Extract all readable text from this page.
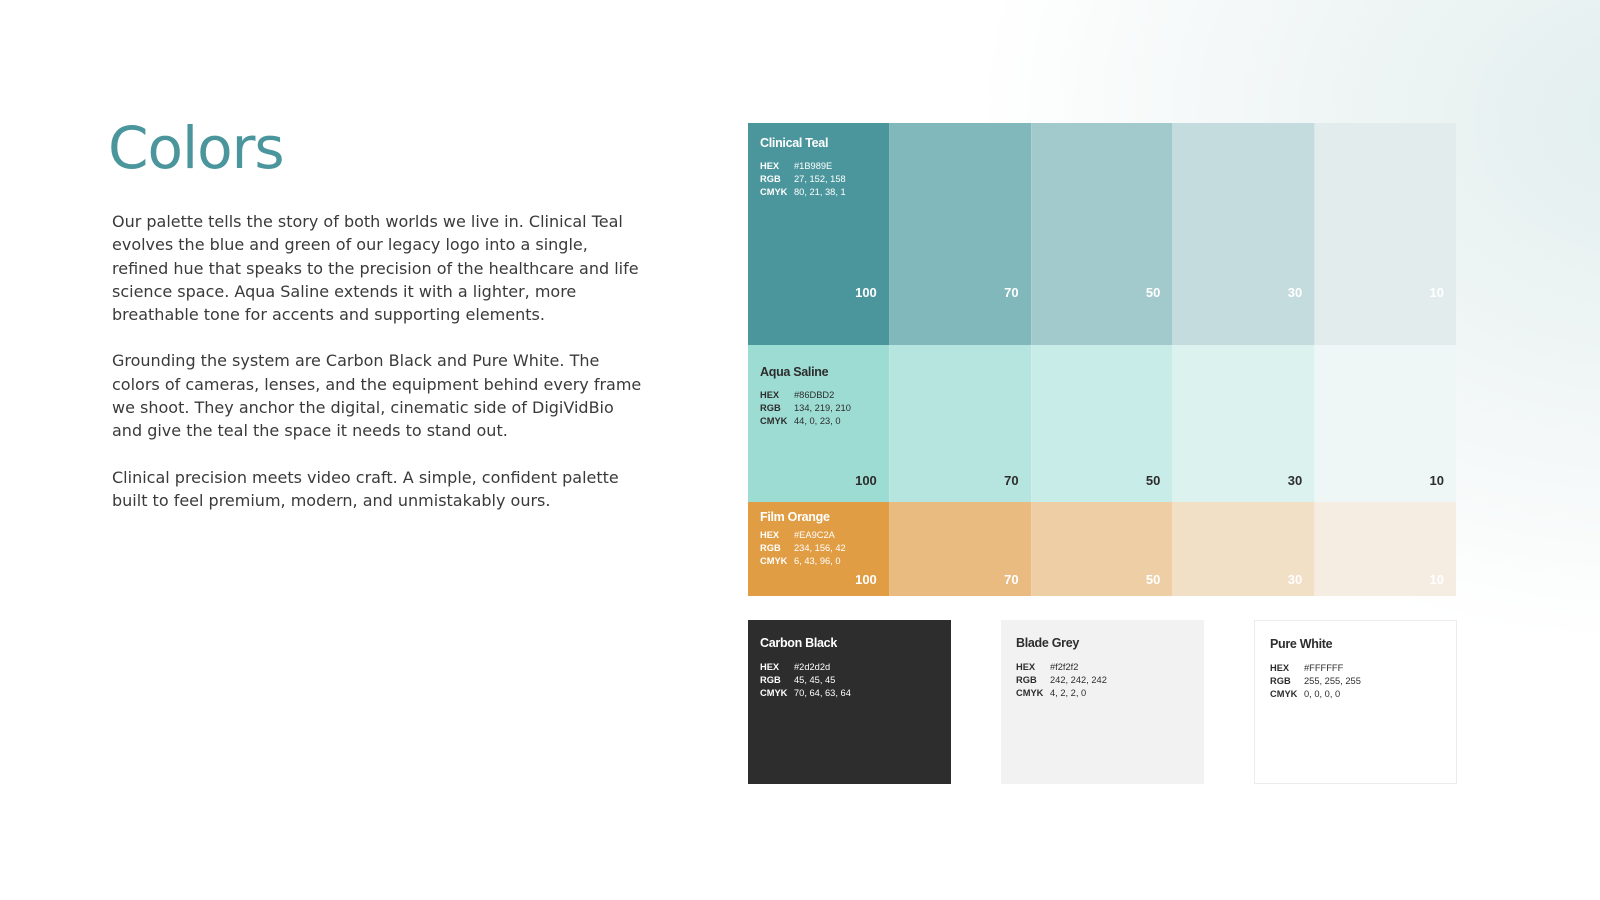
Colors

Our palette tells the story of both worlds we live in. Clinical Teal evolves the blue and green of our legacy logo into a single, refined hue that speaks to the precision of the healthcare and life science space. Aqua Saline extends it with a lighter, more breathable tone for accents and supporting elements.

Grounding the system are Carbon Black and Pure White. The colors of cameras, lenses, and the equipment behind every frame we shoot. They anchor the digital, cinematic side of DigiVidBio and give the teal the space it needs to stand out.

Clinical precision meets video craft. A simple, confident palette built to feel premium, modern, and unmistakably ours.

Clinical Teal
HEX	#1B989E
RGB	27, 152, 158
CMYK 80, 21, 38, 1
100	70	50	30	10
Aqua Saline
HEX	#86DBD2
RGB	134, 219, 210
CMYK 44, 0, 23, 0
100	70	50	30	10
Film Orange
HEX	#EA9C2A
RGB	234, 156, 42
CMYK 6, 43, 96, 0
100	70	50	30	10
Carbon Black
HEX	#2d2d2d
RGB	45, 45, 45
CMYK 70, 64, 63, 64
Blade Grey
HEX	#f2f2f2
RGB	242, 242, 242
CMYK 4, 2, 2, 0
Pure White
HEX	#FFFFFF
RGB	255, 255, 255
CMYK 0, 0, 0, 0
